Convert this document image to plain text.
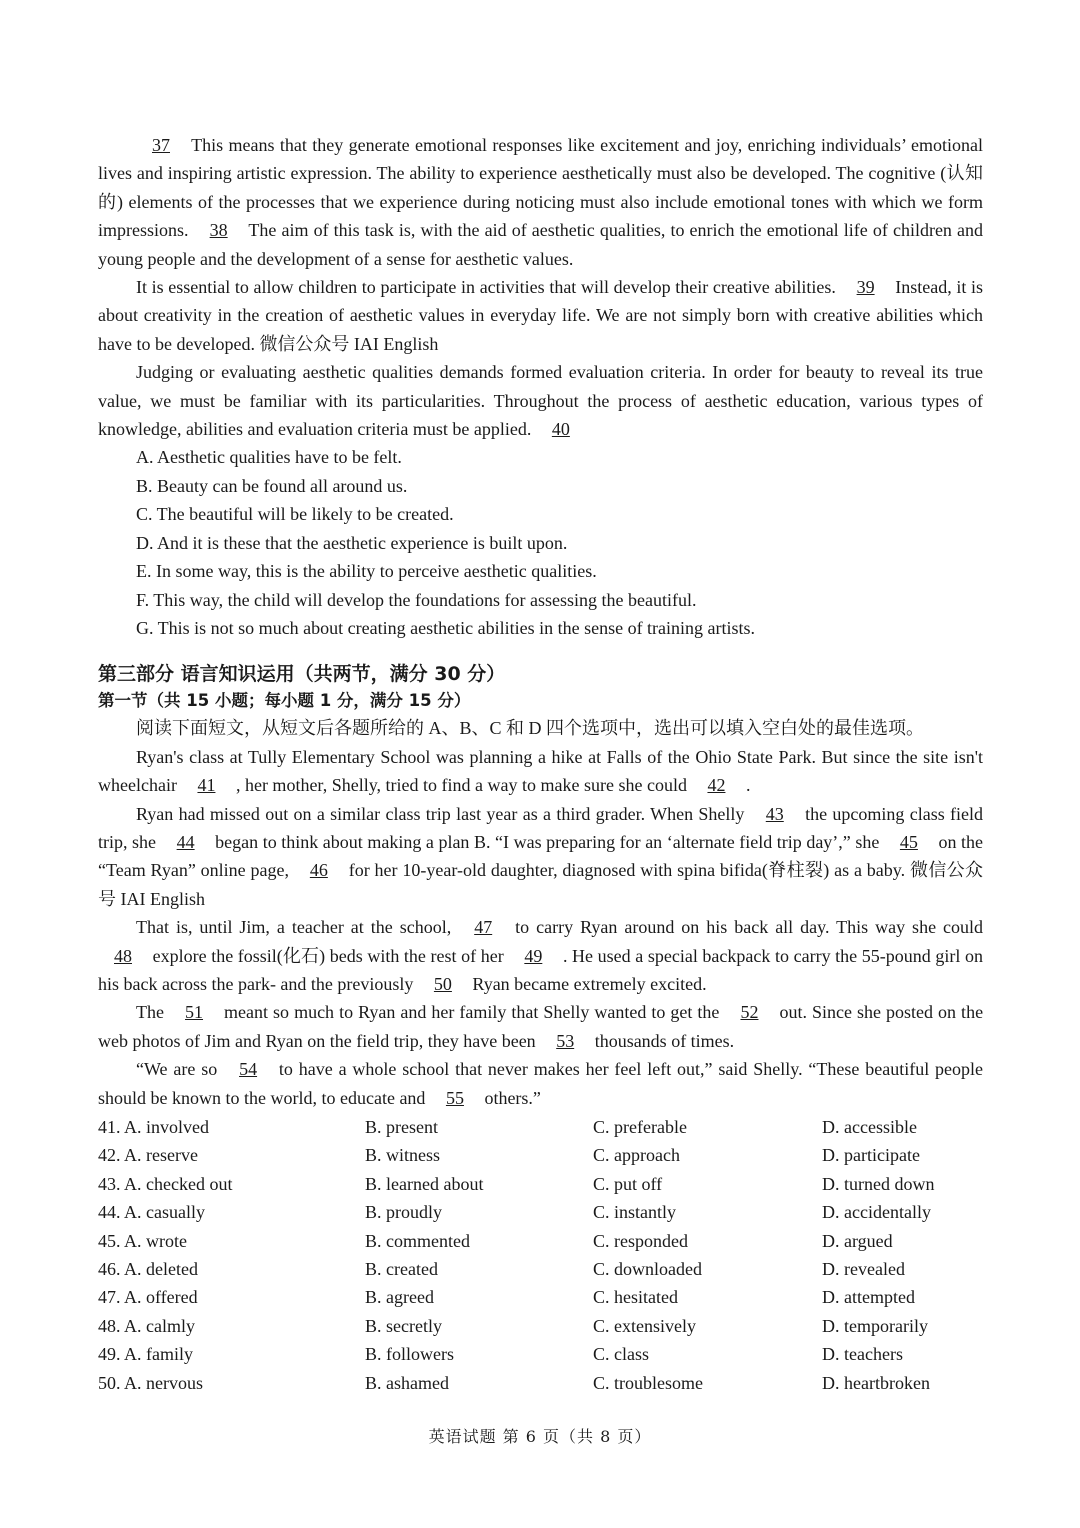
37 This means that they generate emotional responses like excitement and joy, enriching individuals’ emotional lives and inspiring artistic expression. The ability to experience aesthetically must also be developed. The cognitive (认知的) elements of the processes that we experience during noticing must also include emotional tones with which we form impressions. 38 The aim of this task is, with the aid of aesthetic qualities, to enrich the emotional life of children and young people and the development of a sense for aesthetic values.

It is essential to allow children to participate in activities that will develop their creative abilities. 39 Instead, it is about creativity in the creation of aesthetic values in everyday life. We are not simply born with creative abilities which have to be developed. 微信公众号 IAI English

Judging or evaluating aesthetic qualities demands formed evaluation criteria. In order for beauty to reveal its true value, we must be familiar with its particularities. Throughout the process of aesthetic education, various types of knowledge, abilities and evaluation criteria must be applied. 40

A. Aesthetic qualities have to be felt.

B. Beauty can be found all around us.

C. The beautiful will be likely to be created.

D. And it is these that the aesthetic experience is built upon.

E. In some way, this is the ability to perceive aesthetic qualities.

F. This way, the child will develop the foundations for assessing the beautiful.

G. This is not so much about creating aesthetic abilities in the sense of training artists.

第三部分 语言知识运用（共两节，满分 30 分）

第一节（共 15 小题；每小题 1 分，满分 15 分）

阅读下面短文，从短文后各题所给的 A、B、C 和 D 四个选项中，选出可以填入空白处的最佳选项。

Ryan's class at Tully Elementary School was planning a hike at Falls of the Ohio State Park. But since the site isn't wheelchair 41 , her mother, Shelly, tried to find a way to make sure she could 42 .

Ryan had missed out on a similar class trip last year as a third grader. When Shelly 43 the upcoming class field trip, she 44 began to think about making a plan B. “I was preparing for an ‘alternate field trip day’,” she 45 on the “Team Ryan” online page, 46 for her 10-year-old daughter, diagnosed with spina bifida(脊柱裂) as a baby. 微信公众号 IAI English

That is, until Jim, a teacher at the school, 47 to carry Ryan around on his back all day. This way she could 48 explore the fossil(化石) beds with the rest of her 49 . He used a special backpack to carry the 55-pound girl on his back across the park- and the previously 50 Ryan became extremely excited.

The 51 meant so much to Ryan and her family that Shelly wanted to get the 52 out. Since she posted on the web photos of Jim and Ryan on the field trip, they have been 53 thousands of times.

“We are so 54 to have a whole school that never makes her feel left out,” said Shelly. “These beautiful people should be known to the world, to educate and 55 others.”

41. A. involved	B. present	C. preferable	D. accessible
42. A. reserve	B. witness	C. approach	D. participate
43. A. checked out	B. learned about	C. put off	D. turned down
44. A. casually	B. proudly	C. instantly	D. accidentally
45. A. wrote	B. commented	C. responded	D. argued
46. A. deleted	B. created	C. downloaded	D. revealed
47. A. offered	B. agreed	C. hesitated	D. attempted
48. A. calmly	B. secretly	C. extensively	D. temporarily
49. A. family	B. followers	C. class	D. teachers
50. A. nervous	B. ashamed	C. troublesome	D. heartbroken
英语试题 第 6 页（共 8 页）
